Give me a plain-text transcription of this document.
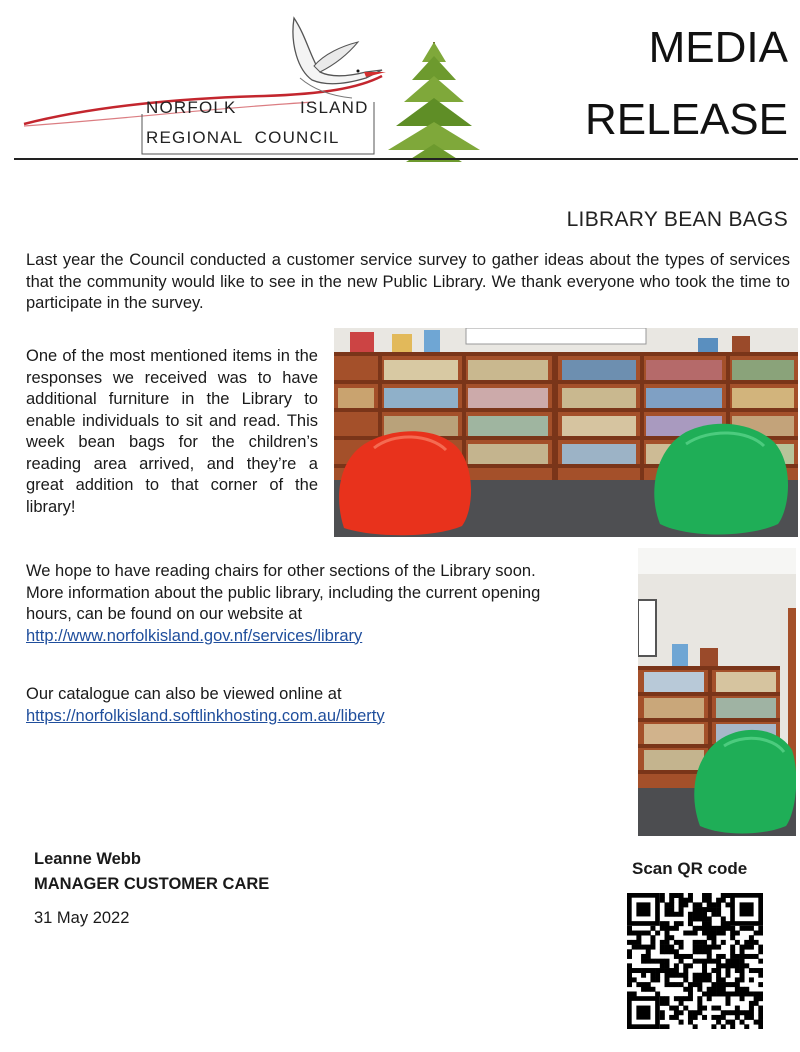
NORFOLK	ISLAND
REGIONAL  COUNCIL
MEDIA
RELEASE
LIBRARY BEAN BAGS
Last year the Council conducted a customer service survey to gather ideas about the types of services that the community would like to see in the new Public Library. We thank everyone who took the time to participate in the survey.
One of the most mentioned items in the responses we received was to have additional furniture in the Library to enable individuals to sit and read. This week bean bags for the children’s reading area arrived, and they’re a great addition to that corner of the library!
We hope to have reading chairs for other sections of the Library soon.
More information about the public library, including the current opening
hours, can be found on our website at
http://www.norfolkisland.gov.nf/services/library
Our catalogue can also be viewed online at
https://norfolkisland.softlinkhosting.com.au/liberty
Leanne Webb
MANAGER CUSTOMER CARE
31 May 2022
Scan QR code
